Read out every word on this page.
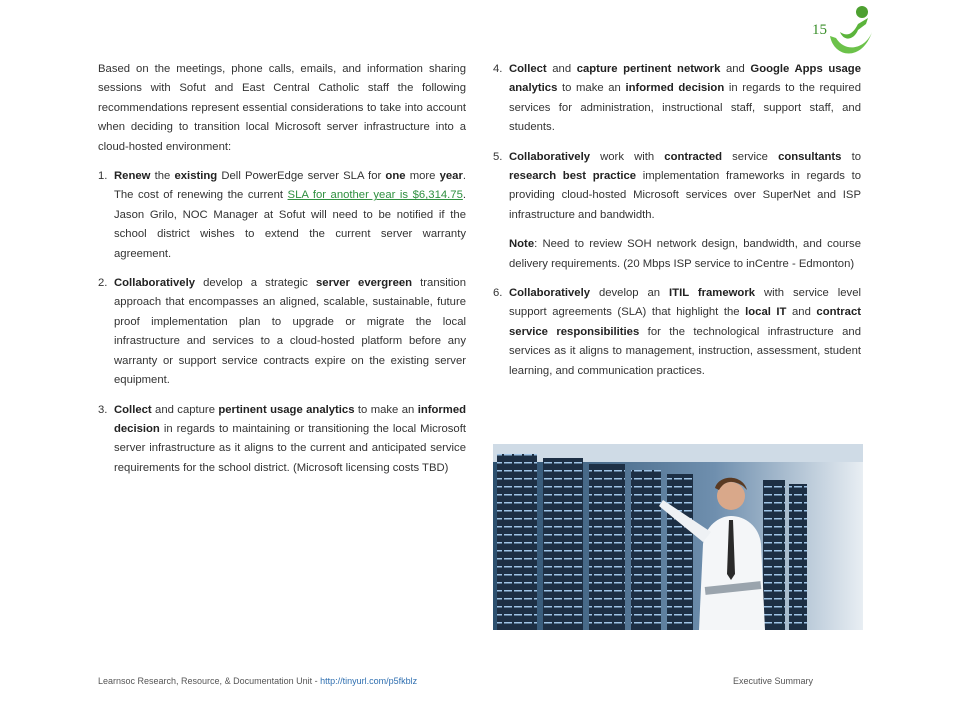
15

Based on the meetings, phone calls, emails, and information sharing sessions with Sofut and East Central Catholic staff the following recommendations represent essential considerations to take into account when deciding to transition local Microsoft server infrastructure into a cloud-hosted environment:

1. Renew the existing Dell PowerEdge server SLA for one more year. The cost of renewing the current SLA for another year is $6,314.75. Jason Grilo, NOC Manager at Sofut will need to be notified if the school district wishes to extend the current server warranty agreement.
2. Collaboratively develop a strategic server evergreen transition approach that encompasses an aligned, scalable, sustainable, future proof implementation plan to upgrade or migrate the local infrastructure and services to a cloud-hosted platform before any warranty or support service contracts expire on the existing server equipment.
3. Collect and capture pertinent usage analytics to make an informed decision in regards to maintaining or transitioning the local Microsoft server infrastructure as it aligns to the current and anticipated service requirements for the school district. (Microsoft licensing costs TBD)
4. Collect and capture pertinent network and Google Apps usage analytics to make an informed decision in regards to the required services for administration, instructional staff, support staff, and students.
5. Collaboratively work with contracted service consultants to research best practice implementation frameworks in regards to providing cloud-hosted Microsoft services over SuperNet and ISP infrastructure and bandwidth.
Note: Need to review SOH network design, bandwidth, and course delivery requirements. (20 Mbps ISP service to inCentre - Edmonton)
6. Collaboratively develop an ITIL framework with service level support agreements (SLA) that highlight the local IT and contract service responsibilities for the technological infrastructure and services as it aligns to management, instruction, assessment, student learning, and communication practices.
Learnsoc Research, Resource, & Documentation Unit - http://tinyurl.com/p5fkblz	Executive Summary
